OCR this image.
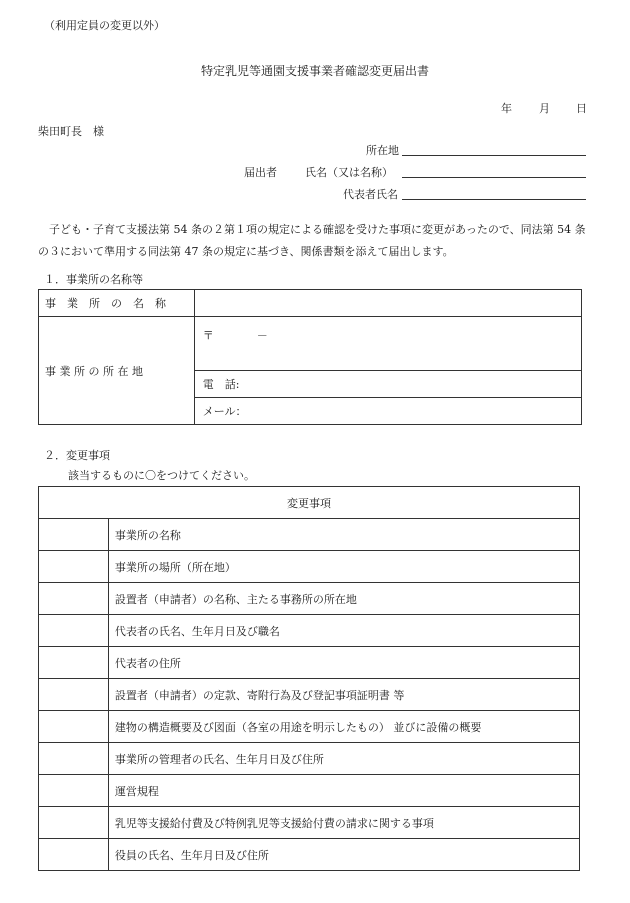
（利用定員の変更以外）
特定乳児等通園支援事業者確認変更届出書
年 月 日
柴田町長　様
所在地
届出者	氏名（又は名称）
代表者氏名
子ども・子育て支援法第 54 条の２第１項の規定による確認を受けた事項に変更があったので、同法第 54 条の３において準用する同法第 47 条の規定に基づき、関係書類を添えて届出します。
１．事業所の名称等
事　業　所　の　名　称	
事 業 所 の 所 在 地	〒 －
	電　話:
	メール：
２．変更事項
該当するものに〇をつけてください。
変更事項	
	事業所の名称
	事業所の場所（所在地）
	設置者（申請者）の名称、主たる事務所の所在地
	代表者の氏名、生年月日及び職名
	代表者の住所
	設置者（申請者）の定款、寄附行為及び登記事項証明書 等
	建物の構造概要及び図面（各室の用途を明示したもの） 並びに設備の概要
	事業所の管理者の氏名、生年月日及び住所
	運営規程
	乳児等支援給付費及び特例乳児等支援給付費の請求に関する事項
	役員の氏名、生年月日及び住所
